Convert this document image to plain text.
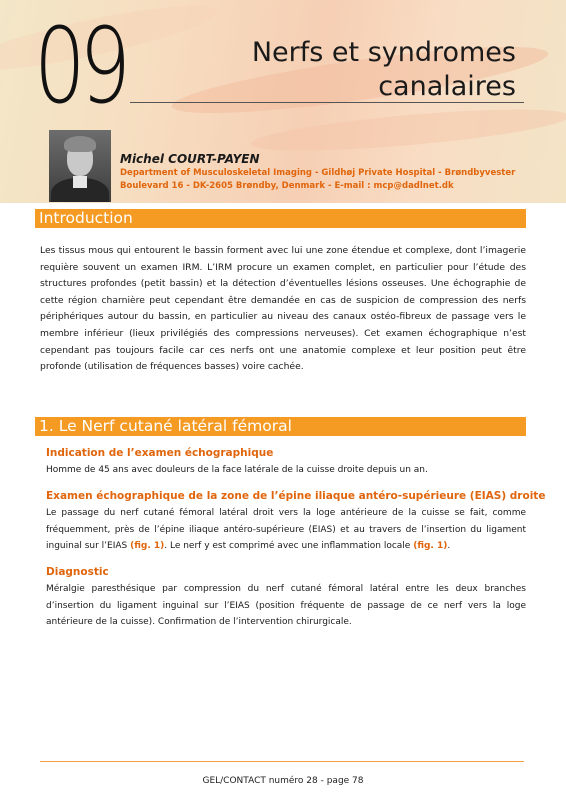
09	Nerfs et syndromes
canalaires
Michel COURT-PAYEN
Department of Musculoskeletal Imaging - Gildhøj Private Hospital - Brøndbyvester Boulevard 16 - DK-2605 Brøndby, Denmark - E-mail : mcp@dadlnet.dk
Introduction
Les tissus mous qui entourent le bassin forment avec lui une zone étendue et complexe, dont l’imagerie requière souvent un examen IRM. L’IRM procure un examen complet, en particulier pour l’étude des structures profondes (petit bassin) et la détection d’éventuelles lésions osseuses. Une échographie de cette région charnière peut cependant être demandée en cas de suspicion de compression des nerfs périphériques autour du bassin, en particulier au niveau des canaux ostéo-fibreux de passage vers le membre inférieur (lieux privilégiés des compressions nerveuses). Cet examen échographique n’est cependant pas toujours facile car ces nerfs ont une anatomie complexe et leur position peut être profonde (utilisation de fréquences basses) voire cachée.
1. Le Nerf cutané latéral fémoral
Indication de l’examen échographique
Homme de 45 ans avec douleurs de la face latérale de la cuisse droite depuis un an.
Examen échographique de la zone de l’épine iliaque antéro-supérieure (EIAS) droite
Le passage du nerf cutané fémoral latéral droit vers la loge antérieure de la cuisse se fait, comme fréquemment, près de l’épine iliaque antéro-supérieure (EIAS) et au travers de l’insertion du ligament inguinal sur l’EIAS (fig. 1). Le nerf y est comprimé avec une inflammation locale (fig. 1).
Diagnostic
Méralgie paresthésique par compression du nerf cutané fémoral latéral entre les deux branches d’insertion du ligament inguinal sur l’EIAS (position fréquente de passage de ce nerf vers la loge antérieure de la cuisse). Confirmation de l’intervention chirurgicale.
GEL/CONTACT numéro 28 - page 78
